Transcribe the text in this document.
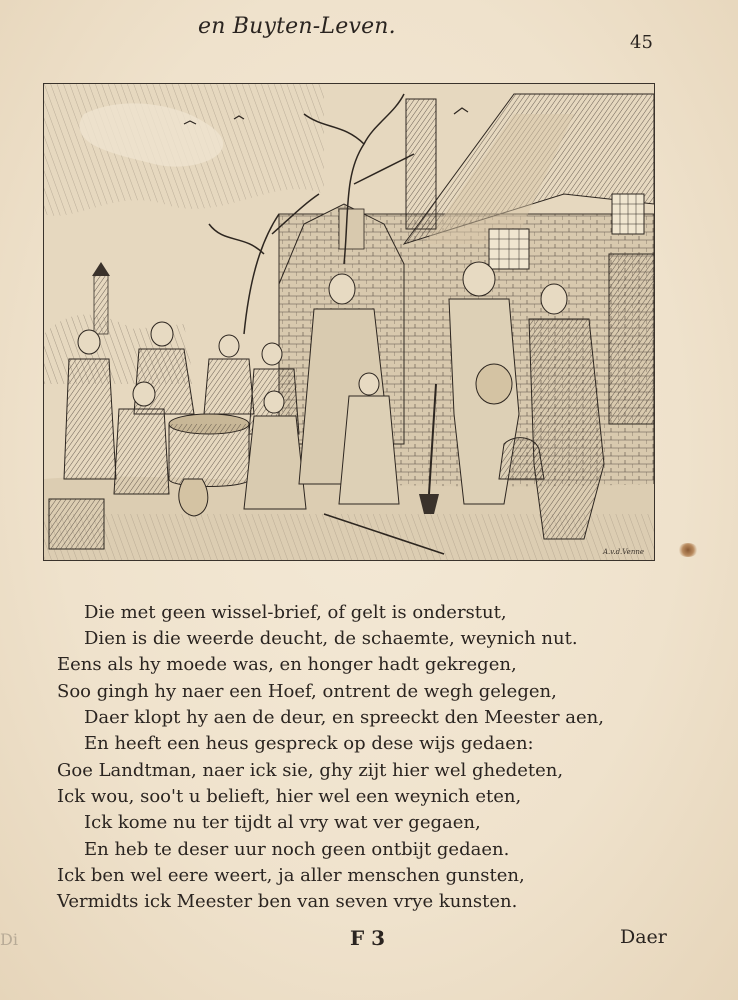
en Buyten-Leven.
45
A.v.d.Venne
Die met geen wissel-brief, of gelt is onderstut,
Dien is die weerde deucht, de schaemte, weynich nut.
Eens als hy moede was, en honger hadt gekregen,
Soo gingh hy naer een Hoef, ontrent de wegh gelegen,
Daer klopt hy aen de deur, en spreeckt den Meester aen,
En heeft een heus gespreck op dese wijs gedaen:
Goe Landtman, naer ick sie, ghy zijt hier wel ghedeten,
Ick wou, soo't u belieft, hier wel een weynich eten,
Ick kome nu ter tijdt al vry wat ver gegaen,
En heb te deser uur noch geen ontbijt gedaen.
Ick ben wel eere weert, ja aller menschen gunsten,
Vermidts ick Meester ben van seven vrye kunsten.
F 3	Daer
Di
